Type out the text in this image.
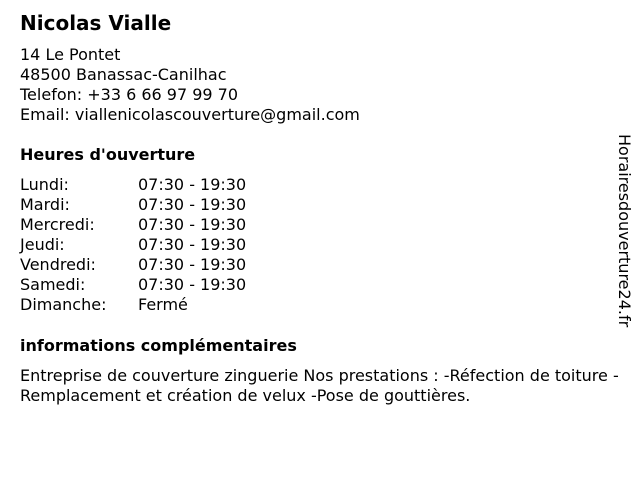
Nicolas Vialle
14 Le Pontet
48500 Banassac-Canilhac
Telefon: +33 6 66 97 99 70
Email: viallenicolascouverture@gmail.com
Heures d'ouverture
Lundi:	07:30 - 19:30
Mardi:	07:30 - 19:30
Mercredi:	07:30 - 19:30
Jeudi:	07:30 - 19:30
Vendredi:	07:30 - 19:30
Samedi:	07:30 - 19:30
Dimanche:	Fermé
informations complémentaires
Entreprise de couverture zinguerie Nos prestations : -Réfection de toiture -Remplacement et création de velux -Pose de gouttières.
Horairesdouverture24.fr
